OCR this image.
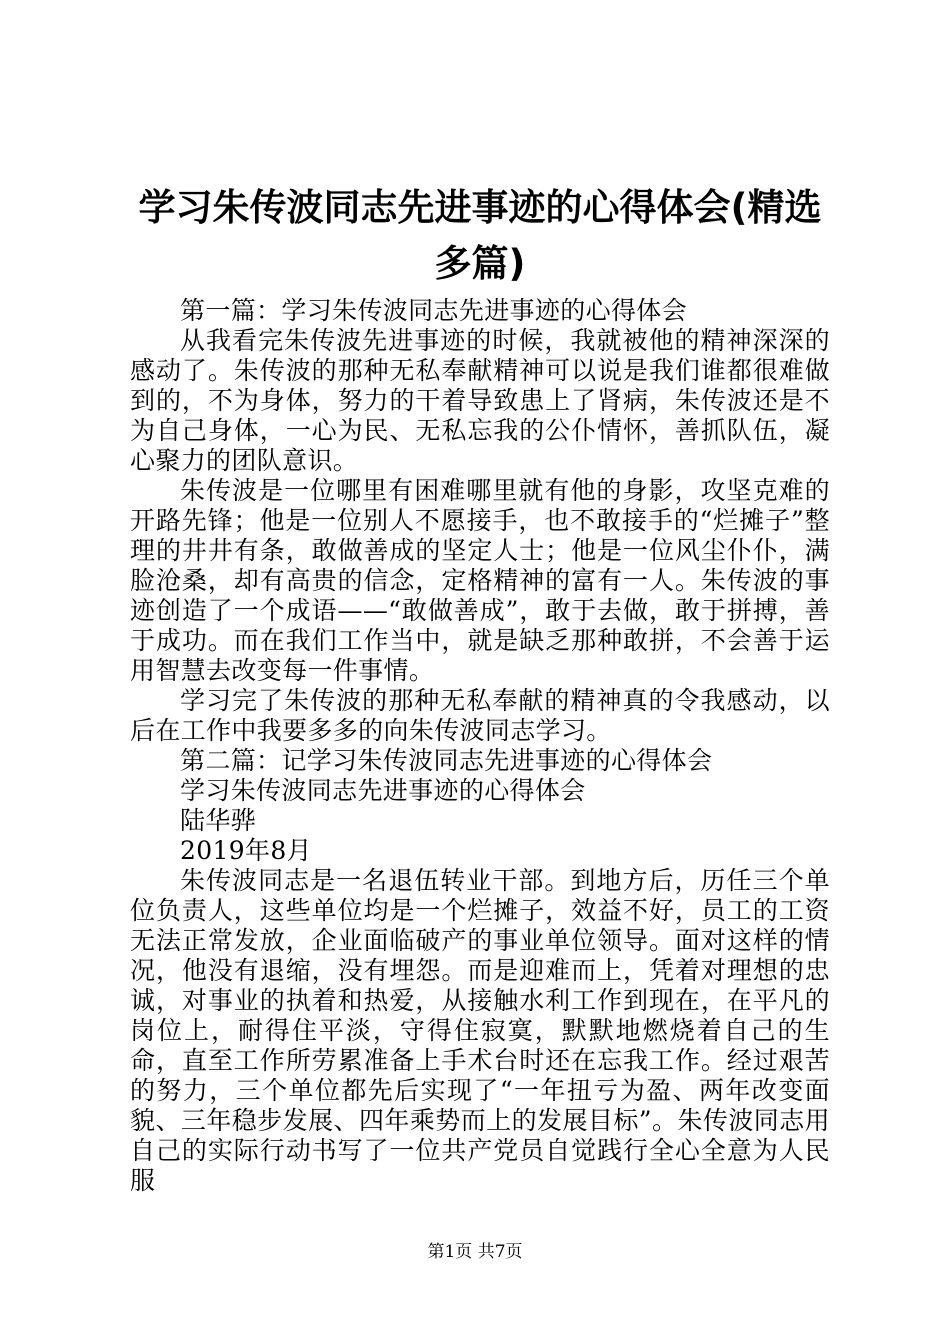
学习朱传波同志先进事迹的心得体会(精选多篇)

第一篇：学习朱传波同志先进事迹的心得体会

从我看完朱传波先进事迹的时候，我就被他的精神深深的感动了。朱传波的那种无私奉献精神可以说是我们谁都很难做到的，不为身体，努力的干着导致患上了肾病，朱传波还是不为自己身体，一心为民、无私忘我的公仆情怀，善抓队伍，凝心聚力的团队意识。

朱传波是一位哪里有困难哪里就有他的身影，攻坚克难的开路先锋；他是一位别人不愿接手，也不敢接手的“烂摊子”整理的井井有条，敢做善成的坚定人士；他是一位风尘仆仆，满脸沧桑，却有高贵的信念，定格精神的富有一人。朱传波的事迹创造了一个成语——“敢做善成”，敢于去做，敢于拼搏，善于成功。而在我们工作当中，就是缺乏那种敢拼，不会善于运用智慧去改变每一件事情。

学习完了朱传波的那种无私奉献的精神真的令我感动，以后在工作中我要多多的向朱传波同志学习。

第二篇：记学习朱传波同志先进事迹的心得体会

学习朱传波同志先进事迹的心得体会

陆华骅

2019年8月

朱传波同志是一名退伍转业干部。到地方后，历任三个单位负责人，这些单位均是一个烂摊子，效益不好，员工的工资无法正常发放，企业面临破产的事业单位领导。面对这样的情况，他没有退缩，没有埋怨。而是迎难而上，凭着对理想的忠诚，对事业的执着和热爱，从接触水利工作到现在，在平凡的岗位上，耐得住平淡，守得住寂寞，默默地燃烧着自己的生命，直至工作所劳累准备上手术台时还在忘我工作。经过艰苦的努力，三个单位都先后实现了“一年扭亏为盈、两年改变面貌、三年稳步发展、四年乘势而上的发展目标”。朱传波同志用自己的实际行动书写了一位共产党员自觉践行全心全意为人民服

第1页 共7页
